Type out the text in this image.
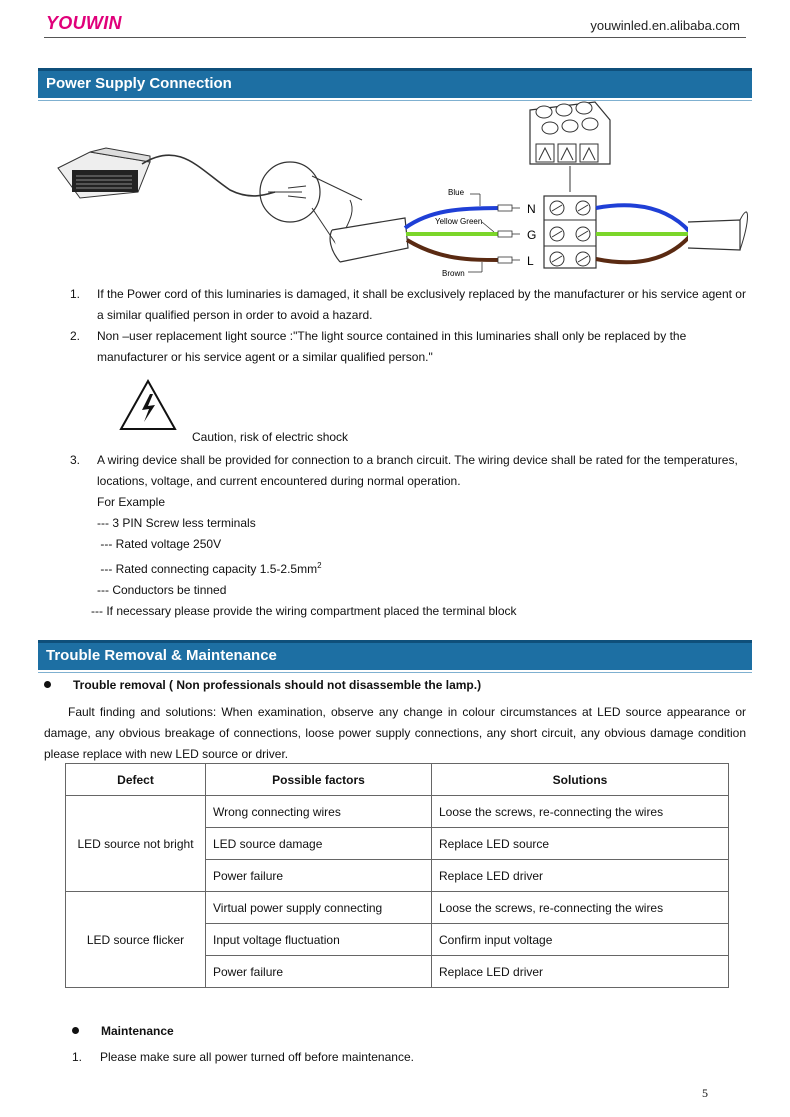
YOUWIN	youwinled.en.alibaba.com
Power Supply Connection
Blue
Yellow Green
Brown
N
G
L
1. If the Power cord of this luminaries is damaged, it shall be exclusively replaced by the manufacturer or his service agent or
a similar qualified person in order to avoid a hazard.
2. Non –user replacement light source :"The light source contained in this luminaries shall only be replaced by the
manufacturer or his service agent or a similar qualified person."
Caution, risk of electric shock
3. A wiring device shall be provided for connection to a branch circuit. The wiring device shall be rated for the temperatures,
locations, voltage, and current encountered during normal operation.
For Example
--- 3 PIN Screw less terminals
--- Rated voltage 250V
--- Rated connecting capacity $1.5-2.5mm^2$
--- Conductors be tinned
--- If necessary please provide the wiring compartment placed the terminal block
Trouble Removal & Maintenance
Trouble removal ( Non professionals should not disassemble the lamp.)
Fault finding and solutions: When examination, observe any change in colour circumstances at LED source appearance or damage, any obvious breakage of connections, loose power supply connections, any short circuit, any obvious damage condition please replace with new LED source or driver.
Defect	Possible factors	Solutions
LED source not bright	Wrong connecting wires	Loose the screws, re-connecting the wires
	LED source damage	Replace LED source
	Power failure	Replace LED driver
LED source flicker	Virtual power supply connecting	Loose the screws, re-connecting the wires
	Input voltage fluctuation	Confirm input voltage
	Power failure	Replace LED driver
Maintenance
1. Please make sure all power turned off before maintenance.
5
